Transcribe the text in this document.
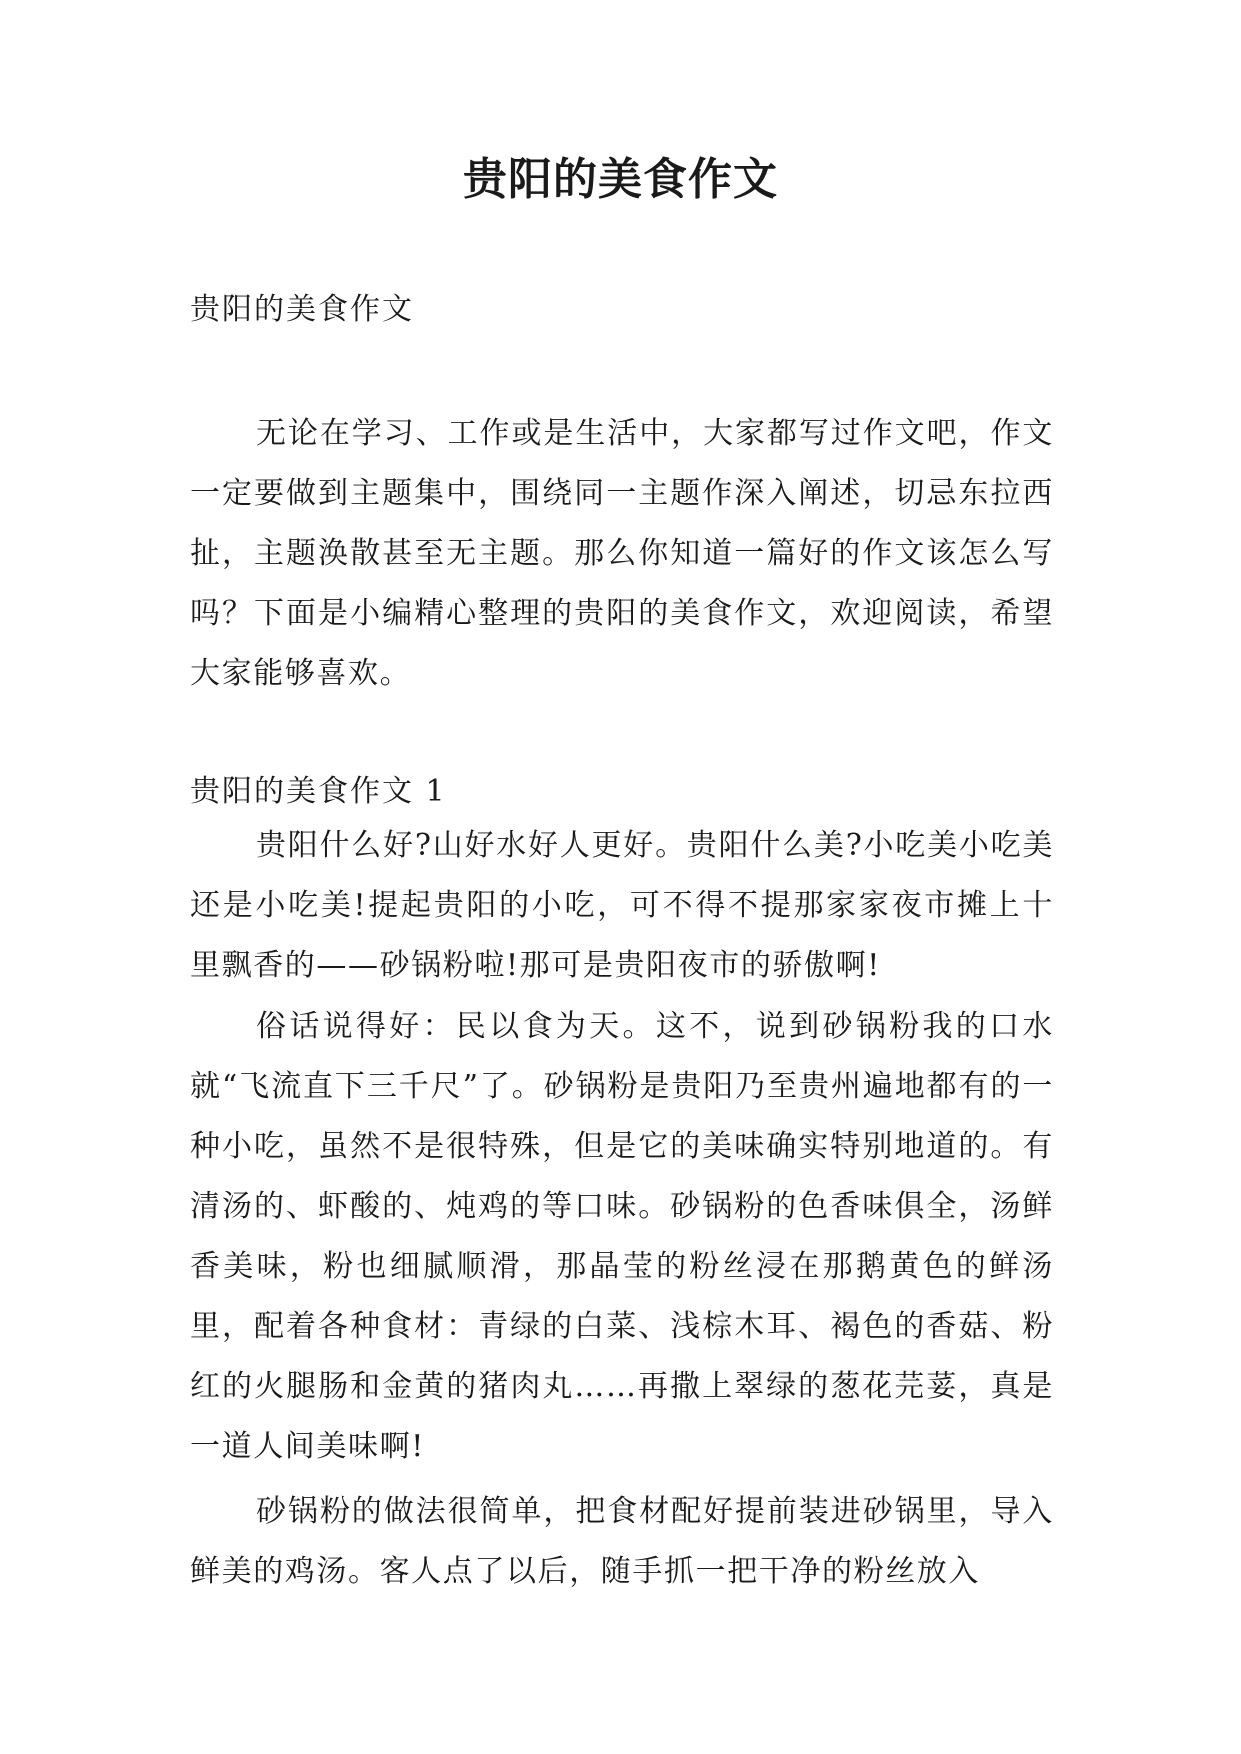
贵阳的美食作文

贵阳的美食作文

无论在学习、工作或是生活中，大家都写过作文吧，作文一定要做到主题集中，围绕同一主题作深入阐述，切忌东拉西扯，主题涣散甚至无主题。那么你知道一篇好的作文该怎么写吗？下面是小编精心整理的贵阳的美食作文，欢迎阅读，希望大家能够喜欢。

贵阳的美食作文 1

贵阳什么好?山好水好人更好。贵阳什么美?小吃美小吃美还是小吃美!提起贵阳的小吃，可不得不提那家家夜市摊上十里飘香的——砂锅粉啦!那可是贵阳夜市的骄傲啊!

俗话说得好：民以食为天。这不，说到砂锅粉我的口水就“飞流直下三千尺”了。砂锅粉是贵阳乃至贵州遍地都有的一种小吃，虽然不是很特殊，但是它的美味确实特别地道的。有清汤的、虾酸的、炖鸡的等口味。砂锅粉的色香味俱全，汤鲜香美味，粉也细腻顺滑，那晶莹的粉丝浸在那鹅黄色的鲜汤里，配着各种食材：青绿的白菜、浅棕木耳、褐色的香菇、粉红的火腿肠和金黄的猪肉丸……再撒上翠绿的葱花芫荽，真是一道人间美味啊!

砂锅粉的做法很简单，把食材配好提前装进砂锅里，导入鲜美的鸡汤。客人点了以后，随手抓一把干净的粉丝放入
